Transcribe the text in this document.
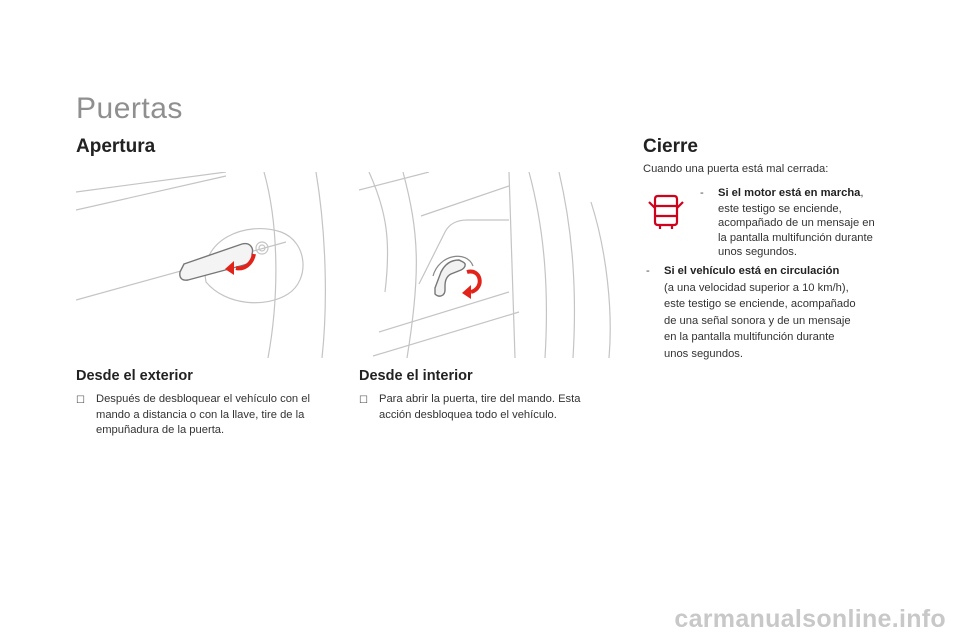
Puertas
Apertura
Desde el exterior
☐ Después de desbloquear el vehículo con el
mando a distancia o con la llave, tire de la
empuñadura de la puerta.
Desde el interior
☐ Para abrir la puerta, tire del mando. Esta
acción desbloquea todo el vehículo.
Cierre
Cuando una puerta está mal cerrada:
-	Si el motor está en marcha,
este testigo se enciende,
acompañado de un mensaje en
la pantalla multifunción durante
unos segundos.
-	Si el vehículo está en circulación
(a una velocidad superior a 10 km/h),
este testigo se enciende, acompañado
de una señal sonora y de un mensaje
en la pantalla multifunción durante
unos segundos.
carmanualsonline.info
